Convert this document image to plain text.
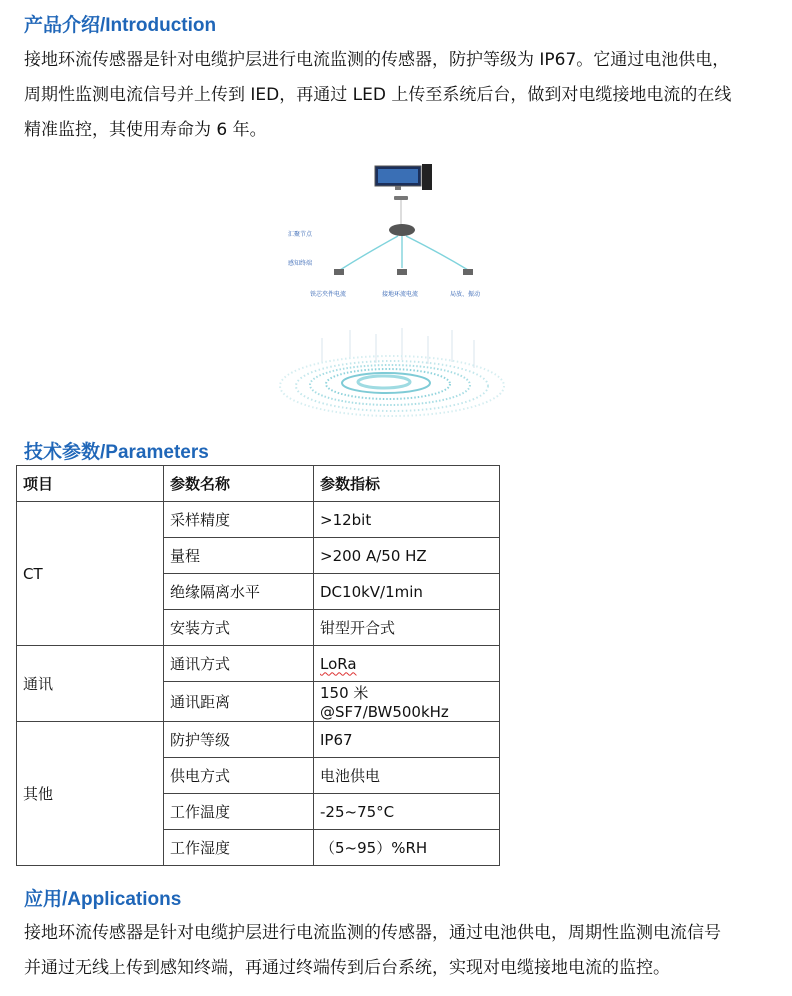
产品介绍/Introduction
接地环流传感器是针对电缆护层进行电流监测的传感器，防护等级为 IP67。它通过电池供电，
周期性监测电流信号并上传到 IED，再通过 LED 上传至系统后台，做到对电缆接地电流的在线
精准监控，其使用寿命为 6 年。
汇聚节点
感知终端
铁芯夹件电流	接地环流电流	局放、振动
技术参数/Parameters
项目	参数名称	参数指标
CT	采样精度	>12bit
	量程	>200 A/50 HZ
	绝缘隔离水平	DC10kV/1min
	安装方式	钳型开合式
通讯	通讯方式	LoRa
	通讯距离	150 米@SF7/BW500kHz
其他	防护等级	IP67
	供电方式	电池供电
	工作温度	-25~75°C
	工作湿度	（5~95）%RH
应用/Applications
接地环流传感器是针对电缆护层进行电流监测的传感器，通过电池供电，周期性监测电流信号
并通过无线上传到感知终端，再通过终端传到后台系统，实现对电缆接地电流的监控。
